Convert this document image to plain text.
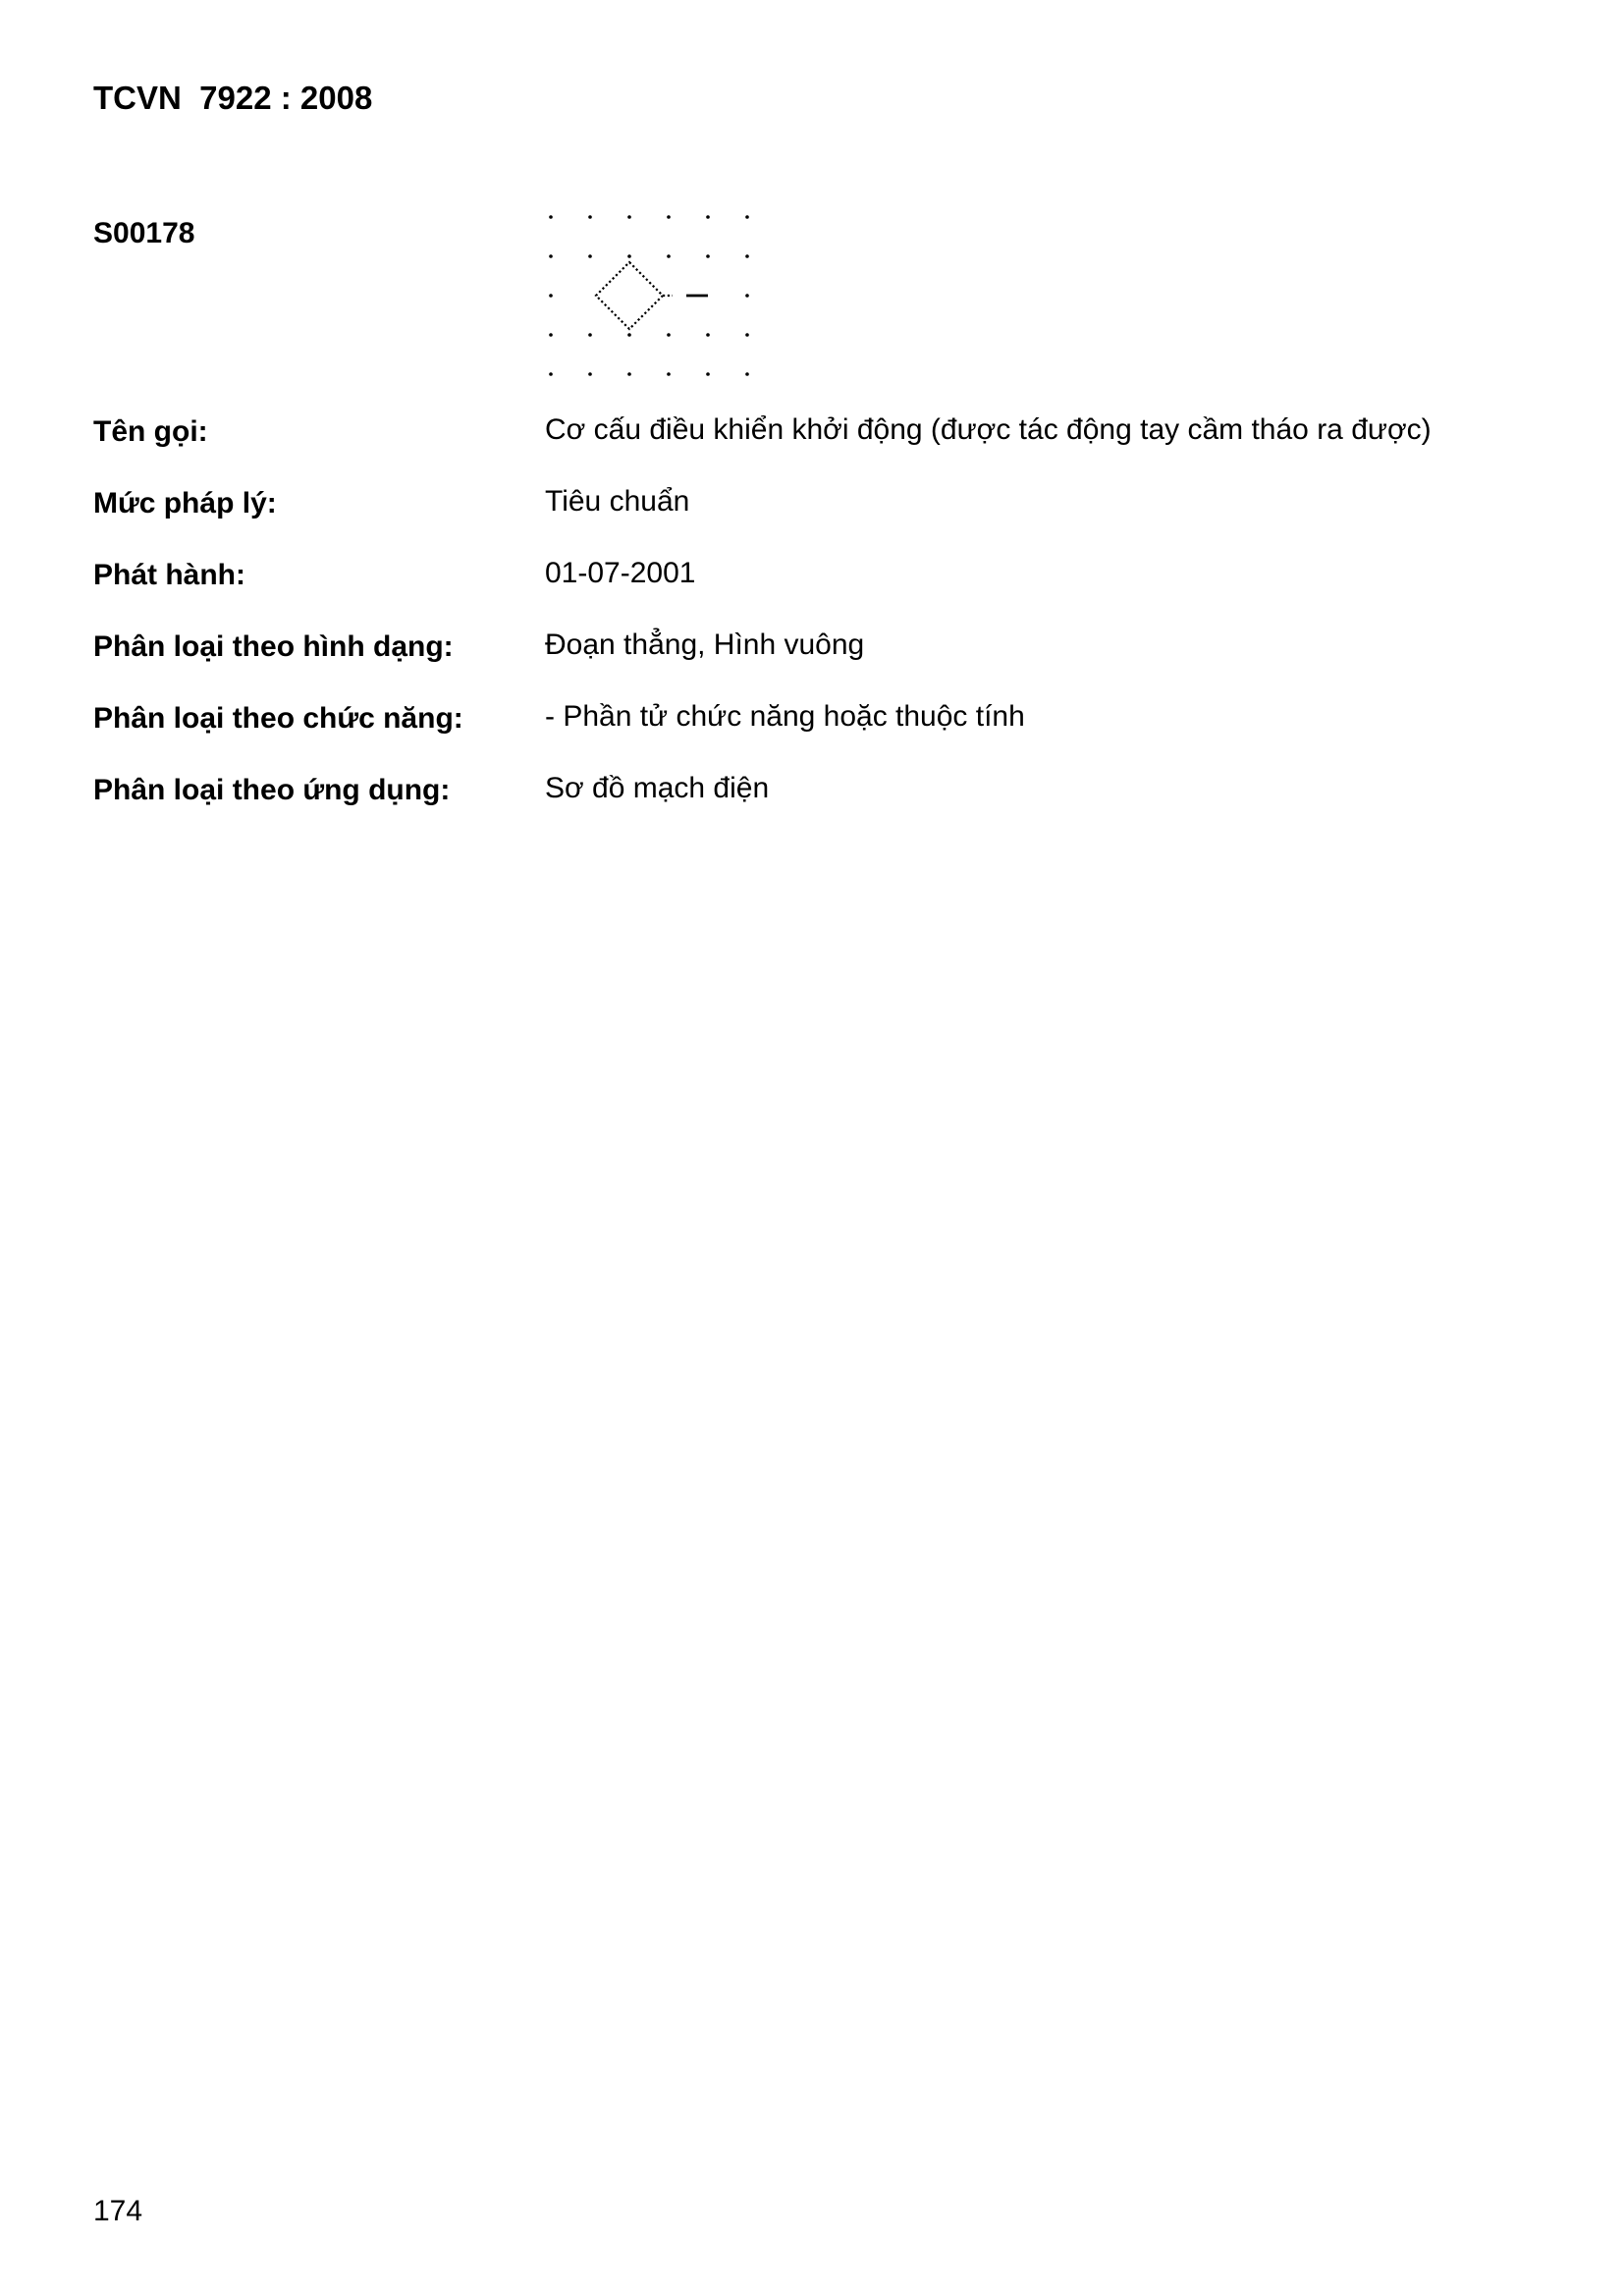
TCVN  7922 : 2008
S00178
Tên gọi:	Cơ cấu điều khiển khởi động (được tác động tay cầm tháo ra được)
Mức pháp lý:	Tiêu chuẩn
Phát hành:	01-07-2001
Phân loại theo hình dạng:	Đoạn thẳng, Hình vuông
Phân loại theo chức năng:	- Phần tử chức năng hoặc thuộc tính
Phân loại theo ứng dụng:	Sơ đồ mạch điện
174
